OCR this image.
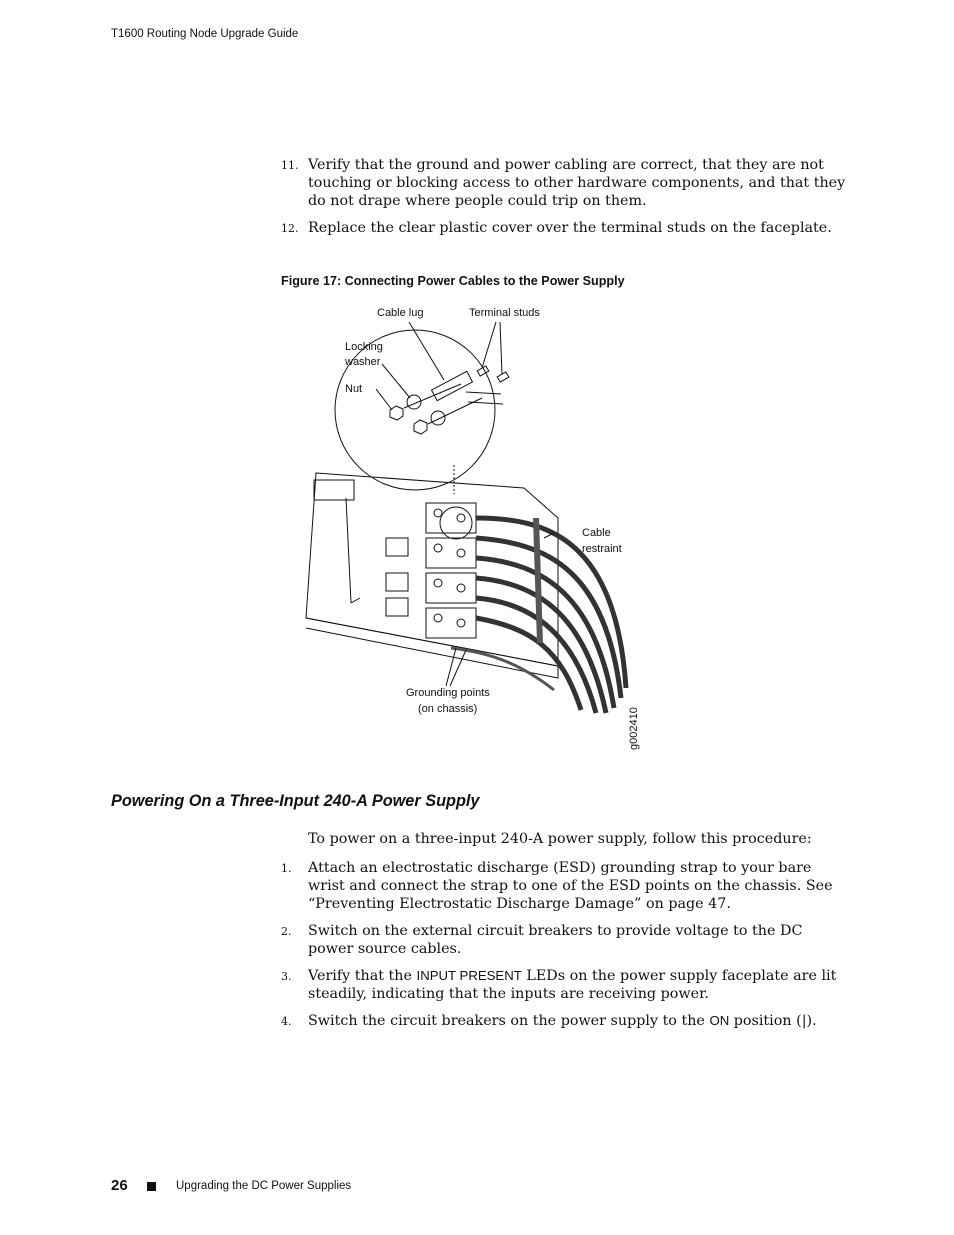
T1600 Routing Node Upgrade Guide
11. Verify that the ground and power cabling are correct, that they are not touching or blocking access to other hardware components, and that they do not drape where people could trip on them.
12. Replace the clear plastic cover over the terminal studs on the faceplate.
Figure 17: Connecting Power Cables to the Power Supply
Cable lug	Terminal studs
Locking
washer
Nut
Cable
restraint
Grounding points
(on chassis)	g002410
Powering On a Three-Input 240-A Power Supply
To power on a three-input 240-A power supply, follow this procedure:
1. Attach an electrostatic discharge (ESD) grounding strap to your bare wrist and connect the strap to one of the ESD points on the chassis. See “Preventing Electrostatic Discharge Damage” on page 47.
2. Switch on the external circuit breakers to provide voltage to the DC power source cables.
3. Verify that the INPUT PRESENT LEDs on the power supply faceplate are lit steadily, indicating that the inputs are receiving power.
4. Switch the circuit breakers on the power supply to the ON position (|).
26	Upgrading the DC Power Supplies
